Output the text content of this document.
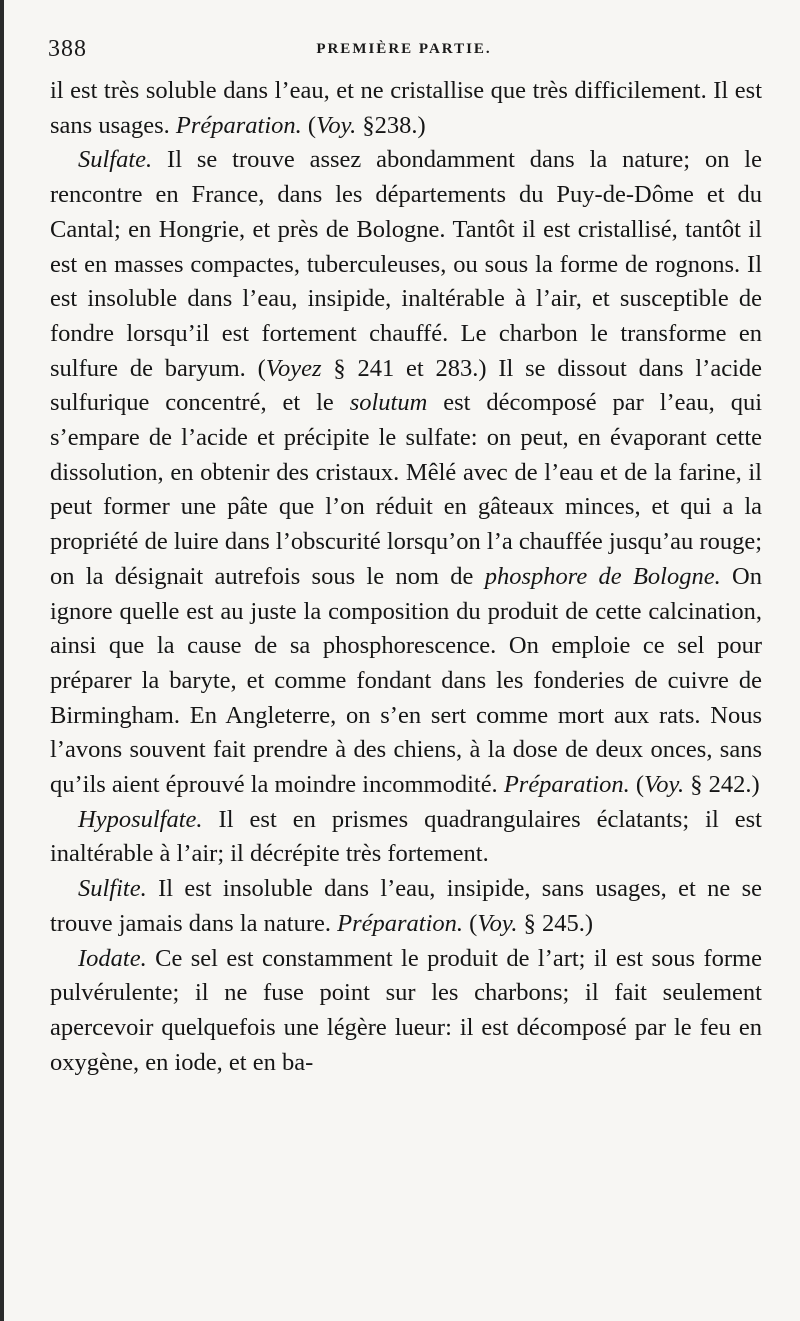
388	PREMIÈRE PARTIE.

il est très soluble dans l’eau, et ne cristallise que très difficilement. Il est sans usages. Préparation. (Voy. §238.)

Sulfate. Il se trouve assez abondamment dans la nature; on le rencontre en France, dans les départements du Puy-de-Dôme et du Cantal; en Hongrie, et près de Bologne. Tantôt il est cristallisé, tantôt il est en masses compactes, tuberculeuses, ou sous la forme de rognons. Il est insoluble dans l’eau, insipide, inaltérable à l’air, et susceptible de fondre lorsqu’il est fortement chauffé. Le charbon le transforme en sulfure de baryum. (Voyez § 241 et 283.) Il se dissout dans l’acide sulfurique concentré, et le solutum est décomposé par l’eau, qui s’empare de l’acide et précipite le sulfate: on peut, en évaporant cette dissolution, en obtenir des cristaux. Mêlé avec de l’eau et de la farine, il peut former une pâte que l’on réduit en gâteaux minces, et qui a la propriété de luire dans l’obscurité lorsqu’on l’a chauffée jusqu’au rouge; on la désignait autrefois sous le nom de phosphore de Bologne. On ignore quelle est au juste la composition du produit de cette calcination, ainsi que la cause de sa phosphorescence. On emploie ce sel pour préparer la baryte, et comme fondant dans les fonderies de cuivre de Birmingham. En Angleterre, on s’en sert comme mort aux rats. Nous l’avons souvent fait prendre à des chiens, à la dose de deux onces, sans qu’ils aient éprouvé la moindre incommodité. Préparation. (Voy. § 242.)

Hyposulfate. Il est en prismes quadrangulaires éclatants; il est inaltérable à l’air; il décrépite très fortement.

Sulfite. Il est insoluble dans l’eau, insipide, sans usages, et ne se trouve jamais dans la nature. Préparation. (Voy. § 245.)

Iodate. Ce sel est constamment le produit de l’art; il est sous forme pulvérulente; il ne fuse point sur les charbons; il fait seulement apercevoir quelquefois une légère lueur: il est décomposé par le feu en oxygène, en iode, et en ba-
